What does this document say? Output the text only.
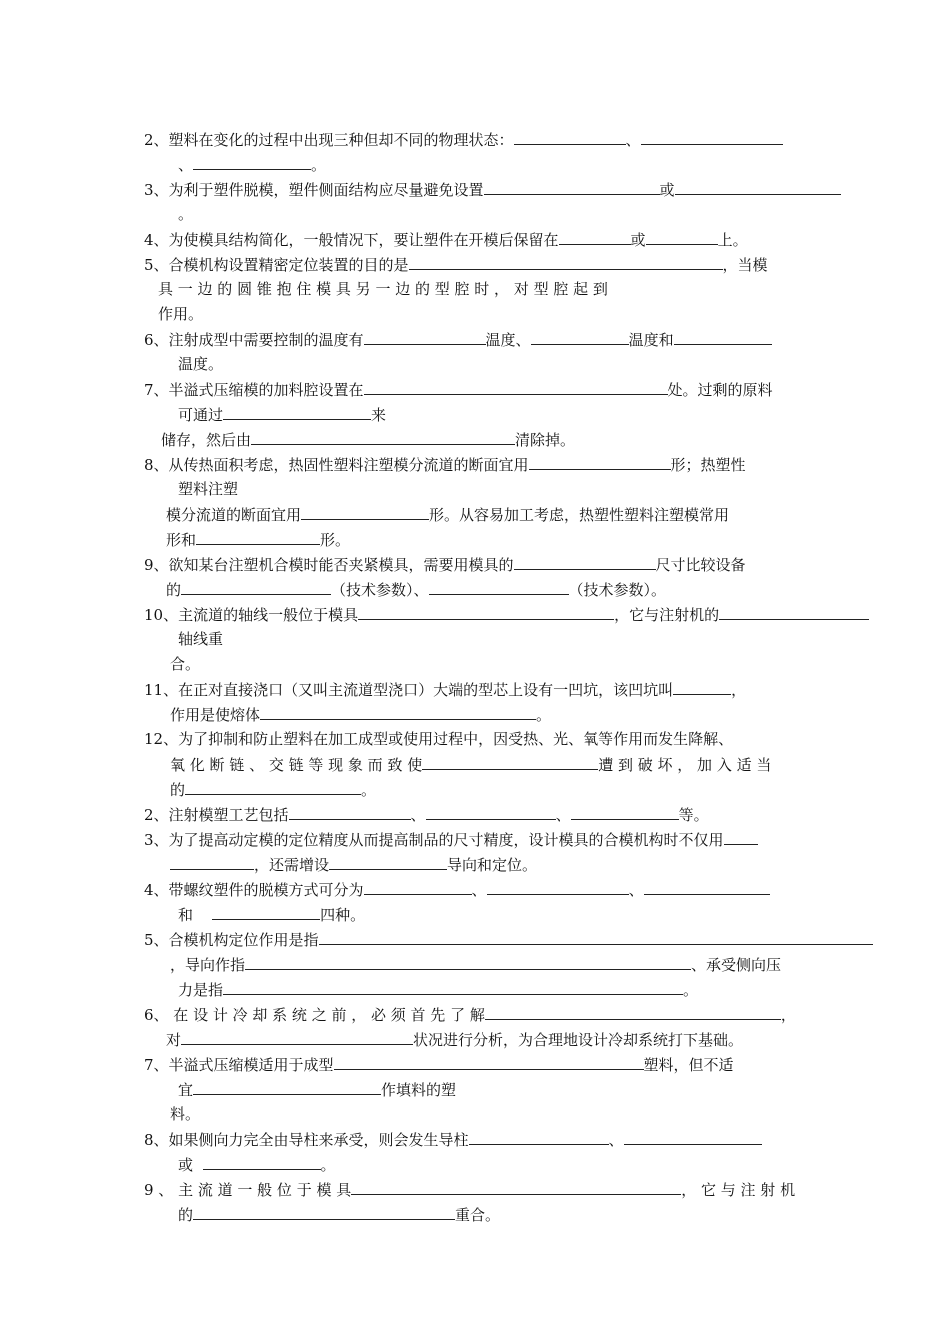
2、塑料在变化的过程中出现三种但却不同的物理状态：	、
、	。
3、为利于塑件脱模，塑件侧面结构应尽量避免设置	或
。
4、为使模具结构简化，一般情况下，要让塑件在开模后保留在	或	上。
5、合模机构设置精密定位装置的目的是	，当模
具 一 边 的 圆 锥 抱 住 模 具 另 一 边 的 型 腔 时 ， 对 型 腔 起 到
作用。
6、注射成型中需要控制的温度有	温度、	温度和
温度。
7、半溢式压缩模的加料腔设置在	处。过剩的原料
可通过	来
储存，然后由	清除掉。
8、从传热面积考虑，热固性塑料注塑模分流道的断面宜用	形；热塑性
塑料注塑
模分流道的断面宜用	形。从容易加工考虑，热塑性塑料注塑模常用
形和	形。
9、欲知某台注塑机合模时能否夹紧模具，需要用模具的	尺寸比较设备
的	（技术参数）、	（技术参数）。
10、主流道的轴线一般位于模具	，它与注射机的
轴线重
合。
11、在正对直接浇口（又叫主流道型浇口）大端的型芯上设有一凹坑，该凹坑叫	，
作用是使熔体	。
12、为了抑制和防止塑料在加工成型或使用过程中，因受热、光、氧等作用而发生降解、
氧 化 断 链 、 交 链 等 现 象 而 致 使	遭 到 破 坏 ， 加 入 适 当
的	。
2、注射模塑工艺包括	、	、	等。
3、为了提高动定模的定位精度从而提高制品的尺寸精度，设计模具的合模机构时不仅用
，还需增设	导向和定位。
4、带螺纹塑件的脱模方式可分为	、	、
和	四种。
5、合模机构定位作用是指
，导向作指	、承受侧向压
力是指	。
6、 在 设 计 冷 却 系 统 之 前 ， 必 须 首 先 了 解	，
对	状况进行分析，为合理地设计冷却系统打下基础。
7、半溢式压缩模适用于成型	塑料，但不适
宜	作填料的塑
料。
8、如果侧向力完全由导柱来承受，则会发生导柱	、
或	。
9 、 主 流 道 一 般 位 于 模 具	， 它 与 注 射 机
的	重合。
